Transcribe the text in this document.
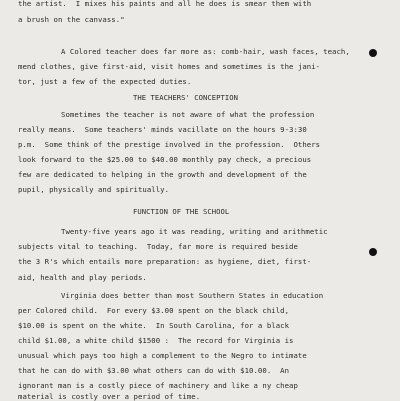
the artist.  I mixes his paints and all he does is smear them with
a brush on the canvass."
A Colored teacher does far more as: comb-hair, wash faces, teach,
mend clothes, give first-aid, visit homes and sometimes is the jani-
tor, just a few of the expected duties.
THE TEACHERS' CONCEPTION
Sometimes the teacher is not aware of what the profession
really means.  Some teachers' minds vacillate on the hours 9-3:30
p.m.  Some think of the prestige involved in the profession.  Others
look forward to the $25.00 to $40.00 monthly pay check, a precious
few are dedicated to helping in the growth and development of the
pupil, physically and spiritually.
FUNCTION OF THE SCHOOL
Twenty-five years ago it was reading, writing and arithmetic
subjects vital to teaching.  Today, far more is required beside
the 3 R's which entails more preparation: as hygiene, diet, first-
aid, health and play periods.
Virginia does better than most Southern States in education
per Colored child.  For every $3.00 spent on the black child,
$10.00 is spent on the white.  In South Carolina, for a black
child $1.00, a white child $1500 :  The record for Virginia is
unusual which pays too high a complement to the Negro to intimate
that he can do with $3.00 what others can do with $10.00.  An
ignorant man is a costly piece of machinery and like a ny cheap
material is costly over a period of time.
